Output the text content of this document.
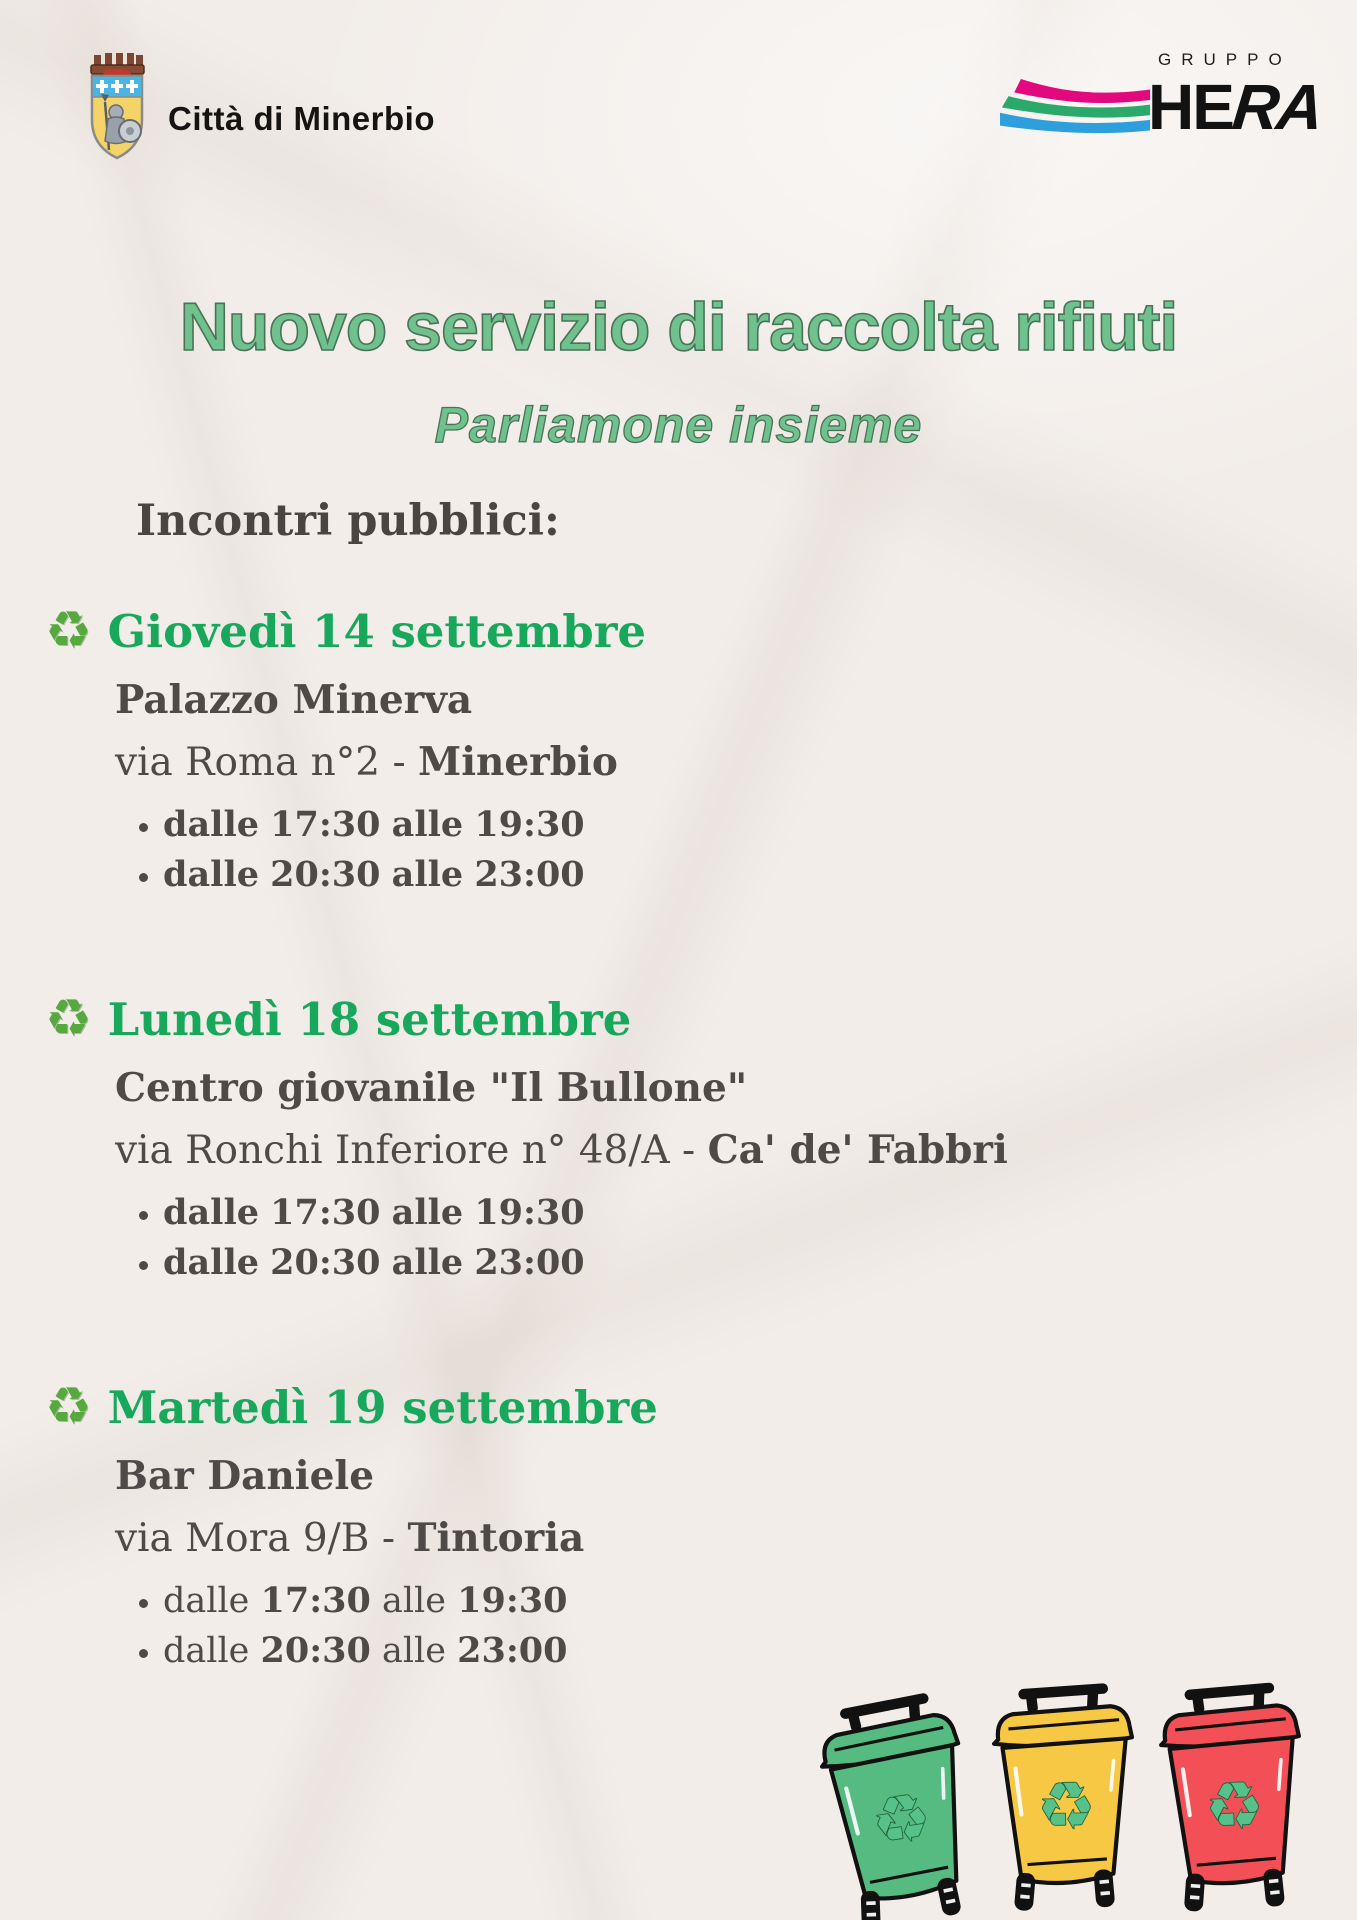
Città di Minerbio
GRUPPO
HERA
Nuovo servizio di raccolta rifiuti
Parliamone insieme
Incontri pubblici:
♻ Giovedì 14 settembre

Palazzo Minerva

via Roma n°2 - Minerbio

• dalle 17:30 alle 19:30
• dalle 20:30 alle 23:00
♻ Lunedì 18 settembre

Centro giovanile "Il Bullone"

via Ronchi Inferiore n° 48/A - Ca' de' Fabbri

• dalle 17:30 alle 19:30
• dalle 20:30 alle 23:00
♻ Martedì 19 settembre

Bar Daniele

via Mora 9/B - Tintoria

• dalle 17:30 alle 19:30
• dalle 20:30 alle 23:00
♻ ♻ ♻
